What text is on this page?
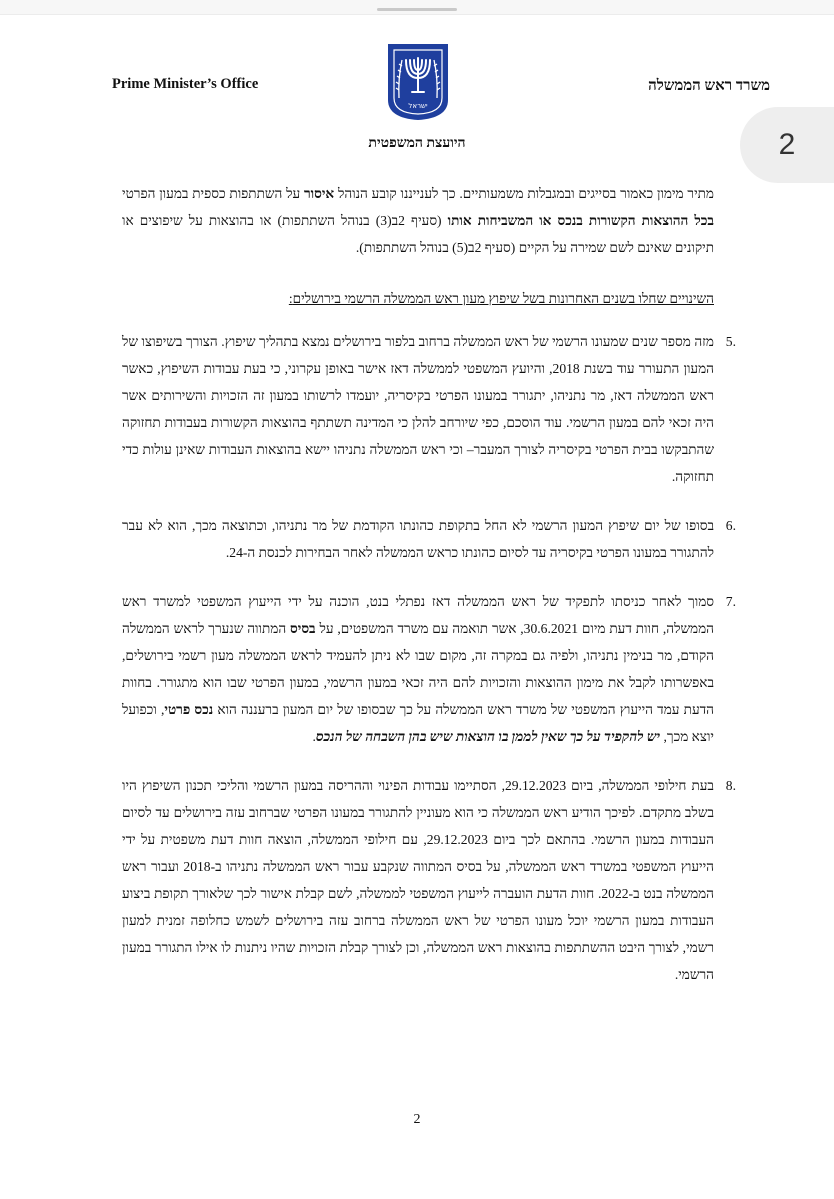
2
Prime Minister’s Office	משרד ראש הממשלה
ישראל
היועצת המשפטית

מתיר מימון כאמור בסייגים ובמגבלות משמעותיים. כך לענייננו קובע הנוהל איסור על השתתפות כספית במעון הפרטי בכל ההוצאות הקשורות בנכס או המשביחות אותו (סעיף 2ב(3) בנוהל השתתפות) או בהוצאות על שיפוצים או תיקונים שאינם לשם שמירה על הקיים (סעיף 2ב(5) בנוהל השתתפות).

השינויים שחלו בשנים האחרונות בשל שיפוץ מעון ראש הממשלה הרשמי בירושלים:

5.
מזה מספר שנים שמעונו הרשמי של ראש הממשלה ברחוב בלפור בירושלים נמצא בתהליך שיפוץ. הצורך בשיפוצו של המעון התעורר עוד בשנת 2018, והיועץ המשפטי לממשלה דאז אישר באופן עקרוני, כי בעת עבודות השיפוץ, כאשר ראש הממשלה דאז, מר נתניהו, יתגורר במעונו הפרטי בקיסריה, יועמדו לרשותו במעון זה הזכויות והשירותים אשר היה זכאי להם במעון הרשמי. עוד הוסכם, כפי שיורחב להלן כי המדינה תשתתף בהוצאות הקשורות בעבודות תחזוקה שהתבקשו בבית הפרטי בקיסריה לצורך המעבר– וכי ראש הממשלה נתניהו יישא בהוצאות העבודות שאינן עולות כדי תחזוקה.

6.
בסופו של יום שיפוץ המעון הרשמי לא החל בתקופת כהונתו הקודמת של מר נתניהו, וכתוצאה מכך, הוא לא עבר להתגורר במעונו הפרטי בקיסריה עד לסיום כהונתו כראש הממשלה לאחר הבחירות לכנסת ה-24.

7.
סמוך לאחר כניסתו לתפקיד של ראש הממשלה דאז נפתלי בנט, הוכנה על ידי הייעוץ המשפטי למשרד ראש הממשלה, חוות דעת מיום 30.6.2021, אשר תואמה עם משרד המשפטים, על בסיס המתווה שנערך לראש הממשלה הקודם, מר בנימין נתניהו, ולפיה גם במקרה זה, מקום שבו לא ניתן להעמיד לראש הממשלה מעון רשמי בירושלים, באפשרותו לקבל את מימון ההוצאות והזכויות להם היה זכאי במעון הרשמי, במעון הפרטי שבו הוא מתגורר. בחוות הדעת עמד הייעוץ המשפטי של משרד ראש הממשלה על כך שבסופו של יום המעון ברעננה הוא נכס פרטי, וכפועל יוצא מכך, יש להקפיד על כך שאין לממן בו הוצאות שיש בהן השבחה של הנכס.

8.
בעת חילופי הממשלה, ביום 29.12.2023, הסתיימו עבודות הפינוי וההריסה במעון הרשמי והליכי תכנון השיפוץ היו בשלב מתקדם. לפיכך הודיע ראש הממשלה כי הוא מעוניין להתגורר במעונו הפרטי שברחוב עזה בירושלים עד לסיום העבודות במעון הרשמי. בהתאם לכך ביום 29.12.2023, עם חילופי הממשלה, הוצאה חוות דעת משפטית על ידי הייעוץ המשפטי במשרד ראש הממשלה, על בסיס המתווה שנקבע עבור ראש הממשלה נתניהו ב-2018 ועבור ראש הממשלה בנט ב-2022. חוות הדעת הועברה לייעוץ המשפטי לממשלה, לשם קבלת אישור לכך שלאורך תקופת ביצוע העבודות במעון הרשמי יוכל מעונו הפרטי של ראש הממשלה ברחוב עזה בירושלים לשמש כחלופה זמנית למעון רשמי, לצורך היבט ההשתתפות בהוצאות ראש הממשלה, וכן לצורך קבלת הזכויות שהיו ניתנות לו אילו התגורר במעון הרשמי.

2
